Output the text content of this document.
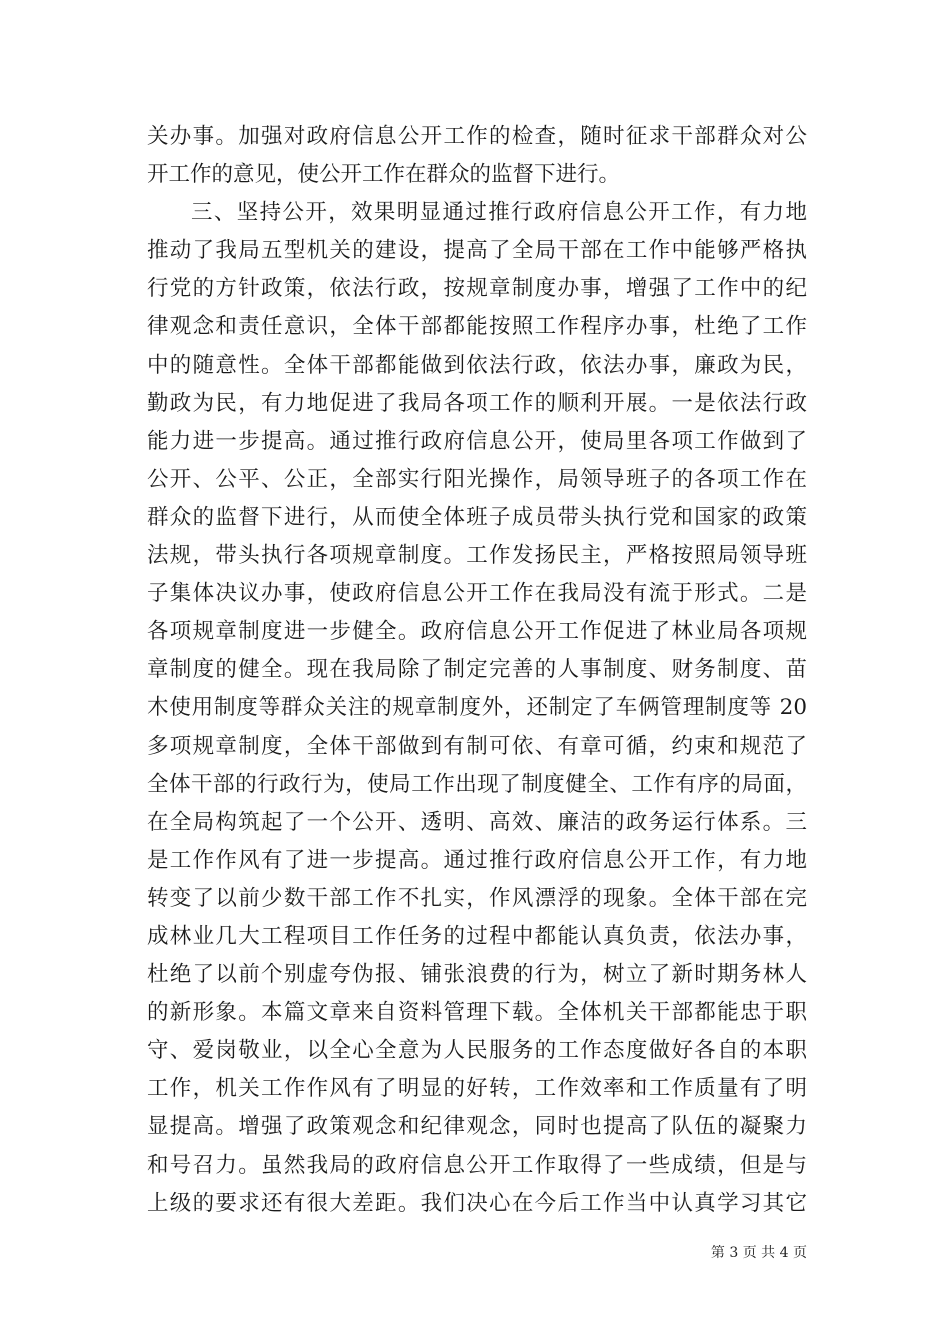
关办事。加强对政府信息公开工作的检查，随时征求干部群众对公
开工作的意见，使公开工作在群众的监督下进行。
三、坚持公开，效果明显通过推行政府信息公开工作，有力地
推动了我局五型机关的建设，提高了全局干部在工作中能够严格执
行党的方针政策，依法行政，按规章制度办事，增强了工作中的纪
律观念和责任意识，全体干部都能按照工作程序办事，杜绝了工作
中的随意性。全体干部都能做到依法行政，依法办事，廉政为民，
勤政为民，有力地促进了我局各项工作的顺利开展。一是依法行政
能力进一步提高。通过推行政府信息公开，使局里各项工作做到了
公开、公平、公正，全部实行阳光操作，局领导班子的各项工作在
群众的监督下进行，从而使全体班子成员带头执行党和国家的政策
法规，带头执行各项规章制度。工作发扬民主，严格按照局领导班
子集体决议办事，使政府信息公开工作在我局没有流于形式。二是
各项规章制度进一步健全。政府信息公开工作促进了林业局各项规
章制度的健全。现在我局除了制定完善的人事制度、财务制度、苗
木使用制度等群众关注的规章制度外，还制定了车俩管理制度等 20
多项规章制度，全体干部做到有制可依、有章可循，约束和规范了
全体干部的行政行为，使局工作出现了制度健全、工作有序的局面，
在全局构筑起了一个公开、透明、高效、廉洁的政务运行体系。三
是工作作风有了进一步提高。通过推行政府信息公开工作，有力地
转变了以前少数干部工作不扎实，作风漂浮的现象。全体干部在完
成林业几大工程项目工作任务的过程中都能认真负责，依法办事，
杜绝了以前个别虚夸伪报、铺张浪费的行为，树立了新时期务林人
的新形象。本篇文章来自资料管理下载。全体机关干部都能忠于职
守、爱岗敬业，以全心全意为人民服务的工作态度做好各自的本职
工作，机关工作作风有了明显的好转，工作效率和工作质量有了明
显提高。增强了政策观念和纪律观念，同时也提高了队伍的凝聚力
和号召力。虽然我局的政府信息公开工作取得了一些成绩，但是与
上级的要求还有很大差距。我们决心在今后工作当中认真学习其它
第 3 页 共 4 页
